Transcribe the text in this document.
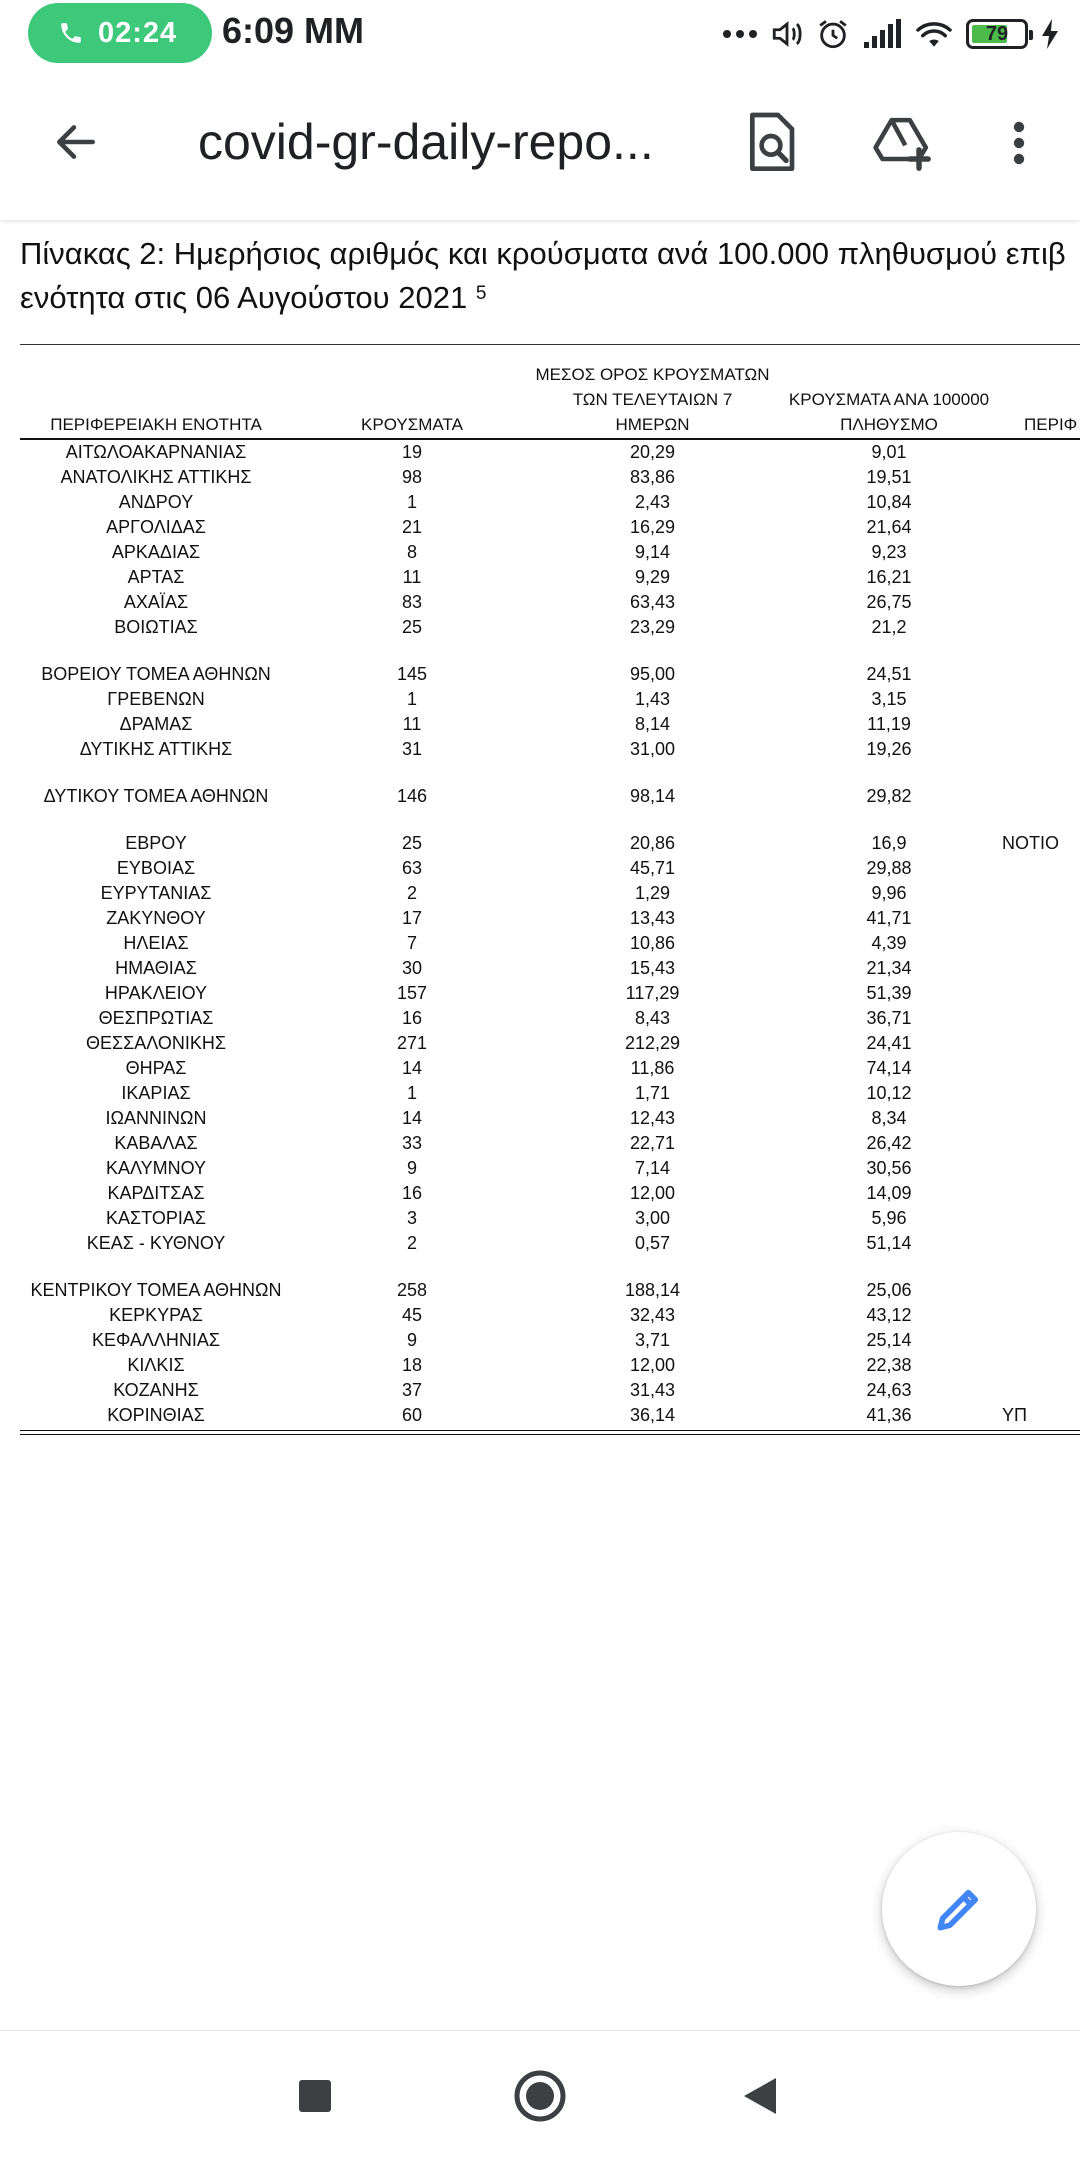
02:24 6:09 MM	79
covid-gr-daily-repo...
Πίνακας 2: Ημερήσιος αριθμός και κρούσματα ανά 100.000 πληθυσμού επιβ
ενότητα στις 06 Αυγούστου 2021 $^5$
ΠΕΡΙΦΕΡΕΙΑΚΗ ΕΝΟΤΗΤΑ	ΚΡΟΥΣΜΑΤΑ
ΜΕΣΟΣ ΟΡΟΣ ΚΡΟΥΣΜΑΤΩΝ
ΤΩΝ ΤΕΛΕΥΤΑΙΩΝ 7
ΗΜΕΡΩΝ
ΚΡΟΥΣΜΑΤΑ ΑΝΑ 100000
ΠΛΗΘΥΣΜΟ	ΠΕΡΙΦ
ΑΙΤΩΛΟΑΚΑΡΝΑΝΙΑΣ	19	20,29	9,01
ΑΝΑΤΟΛΙΚΗΣ ΑΤΤΙΚΗΣ	98	83,86	19,51
ΑΝΔΡΟΥ	1	2,43	10,84
ΑΡΓΟΛΙΔΑΣ	21	16,29	21,64
ΑΡΚΑΔΙΑΣ	8	9,14	9,23
ΑΡΤΑΣ	11	9,29	16,21
ΑΧΑΪΑΣ	83	63,43	26,75
ΒΟΙΩΤΙΑΣ	25	23,29	21,2
ΒΟΡΕΙΟΥ ΤΟΜΕΑ ΑΘΗΝΩΝ	145	95,00	24,51
ΓΡΕΒΕΝΩΝ	1	1,43	3,15
ΔΡΑΜΑΣ	11	8,14	11,19
ΔΥΤΙΚΗΣ ΑΤΤΙΚΗΣ	31	31,00	19,26
ΔΥΤΙΚΟΥ ΤΟΜΕΑ ΑΘΗΝΩΝ	146	98,14	29,82
ΕΒΡΟΥ	25	20,86	16,9	ΝΟΤΙΟ
ΕΥΒΟΙΑΣ	63	45,71	29,88
ΕΥΡΥΤΑΝΙΑΣ	2	1,29	9,96
ΖΑΚΥΝΘΟΥ	17	13,43	41,71
ΗΛΕΙΑΣ	7	10,86	4,39
ΗΜΑΘΙΑΣ	30	15,43	21,34
ΗΡΑΚΛΕΙΟΥ	157	117,29	51,39
ΘΕΣΠΡΩΤΙΑΣ	16	8,43	36,71
ΘΕΣΣΑΛΟΝΙΚΗΣ	271	212,29	24,41
ΘΗΡΑΣ	14	11,86	74,14
ΙΚΑΡΙΑΣ	1	1,71	10,12
ΙΩΑΝΝΙΝΩΝ	14	12,43	8,34
ΚΑΒΑΛΑΣ	33	22,71	26,42
ΚΑΛΥΜΝΟΥ	9	7,14	30,56
ΚΑΡΔΙΤΣΑΣ	16	12,00	14,09
ΚΑΣΤΟΡΙΑΣ	3	3,00	5,96
ΚΕΑΣ - ΚΥΘΝΟΥ	2	0,57	51,14
ΚΕΝΤΡΙΚΟΥ ΤΟΜΕΑ ΑΘΗΝΩΝ	258	188,14	25,06
ΚΕΡΚΥΡΑΣ	45	32,43	43,12
ΚΕΦΑΛΛΗΝΙΑΣ	9	3,71	25,14
ΚΙΛΚΙΣ	18	12,00	22,38
ΚΟΖΑΝΗΣ	37	31,43	24,63
ΚΟΡΙΝΘΙΑΣ	60	36,14	41,36	ΥΠ
